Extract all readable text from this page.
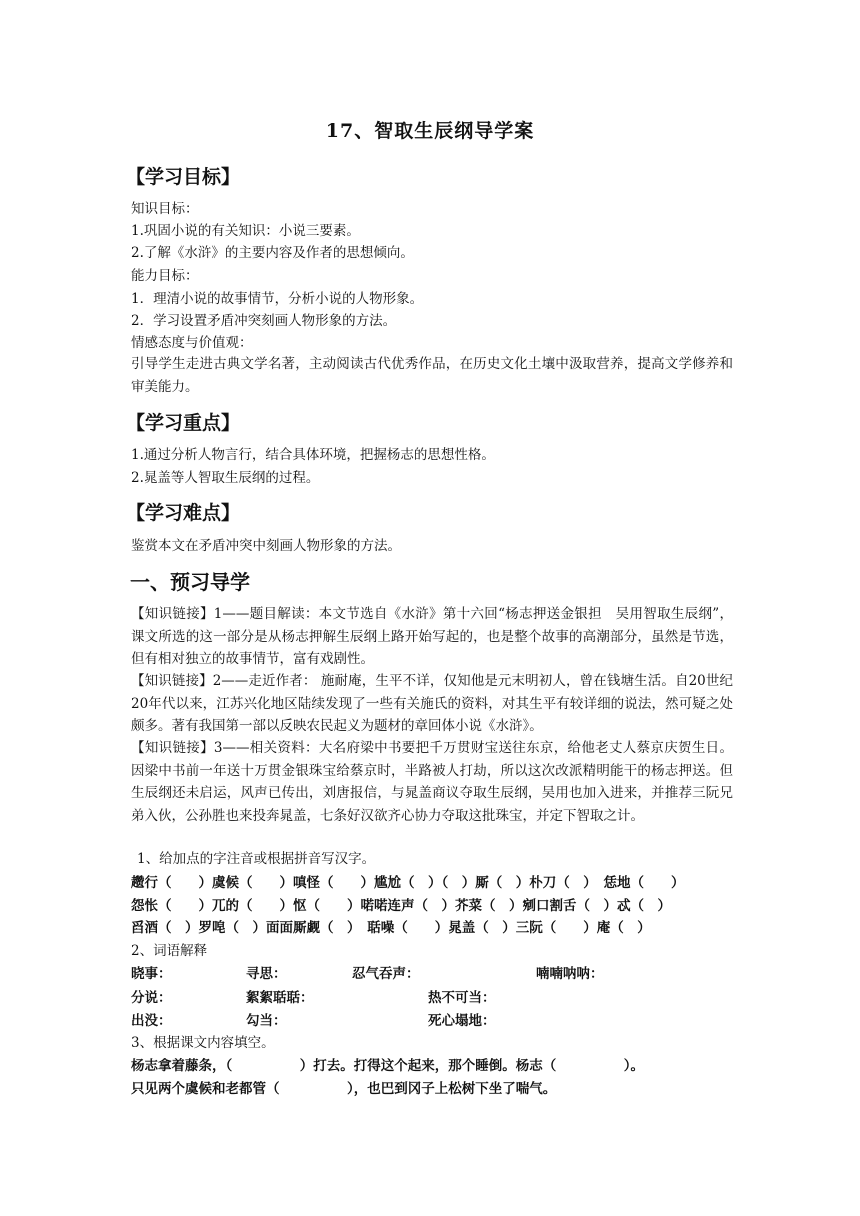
17、智取生辰纲导学案
【学习目标】
知识目标：
1.巩固小说的有关知识：小说三要素。
2.了解《水浒》的主要内容及作者的思想倾向。
能力目标：
1．理清小说的故事情节，分析小说的人物形象。
2．学习设置矛盾冲突刻画人物形象的方法。
情感态度与价值观：
引导学生走进古典文学名著，主动阅读古代优秀作品，在历史文化土壤中汲取营养，提高文学修养和审美能力。
【学习重点】
1.通过分析人物言行，结合具体环境，把握杨志的思想性格。
2.晁盖等人智取生辰纲的过程。
【学习难点】
鉴赏本文在矛盾冲突中刻画人物形象的方法。
一、预习导学
【知识链接】1——题目解读：本文节选自《水浒》第十六回“杨志押送金银担　吴用智取生辰纲”，课文所选的这一部分是从杨志押解生辰纲上路开始写起的，也是整个故事的高潮部分，虽然是节选，但有相对独立的故事情节，富有戏剧性。
【知识链接】2——走近作者： 施耐庵，生平不详，仅知他是元末明初人，曾在钱塘生活。自20世纪20年代以来，江苏兴化地区陆续发现了一些有关施氏的资料，对其生平有较详细的说法，然可疑之处颇多。著有我国第一部以反映农民起义为题材的章回体小说《水浒》。
【知识链接】3——相关资料：大名府梁中书要把千万贯财宝送往东京，给他老丈人蔡京庆贺生日。因梁中书前一年送十万贯金银珠宝给蔡京时，半路被人打劫，所以这次改派精明能干的杨志押送。但生辰纲还未启运，风声已传出，刘唐报信，与晁盖商议夺取生辰纲，吴用也加入进来，并推荐三阮兄弟入伙，公孙胜也来投奔晁盖，七条好汉欲齐心协力夺取这批珠宝，并定下智取之计。
1、给加点的字注音或根据拼音写汉字。
趱行（　　）虞候（　　）嗔怪（　　）尴尬（　）（　）厮（　）朴刀（　）　恁地（　　）
怨怅（　　）兀的（　　）怄（　　）喏喏连声（　）芥菜（　）剜口割舌（　）忒（　）
舀酒（　）罗唣（　）面面厮觑（　）　聒噪（　　）晁盖（　）三阮（　　）庵（　）
2、词语解释
晓事：	寻思：	忍气吞声：	喃喃呐呐：
分说：	絮絮聒聒：	热不可当：
出没：	勾当：	死心塌地：
3、根据课文内容填空。
杨志拿着藤条，（　　　　　）打去。打得这个起来，那个睡倒。杨志（　　　　　）。
只见两个虞候和老都管（　　　　　），也巴到冈子上松树下坐了喘气。
